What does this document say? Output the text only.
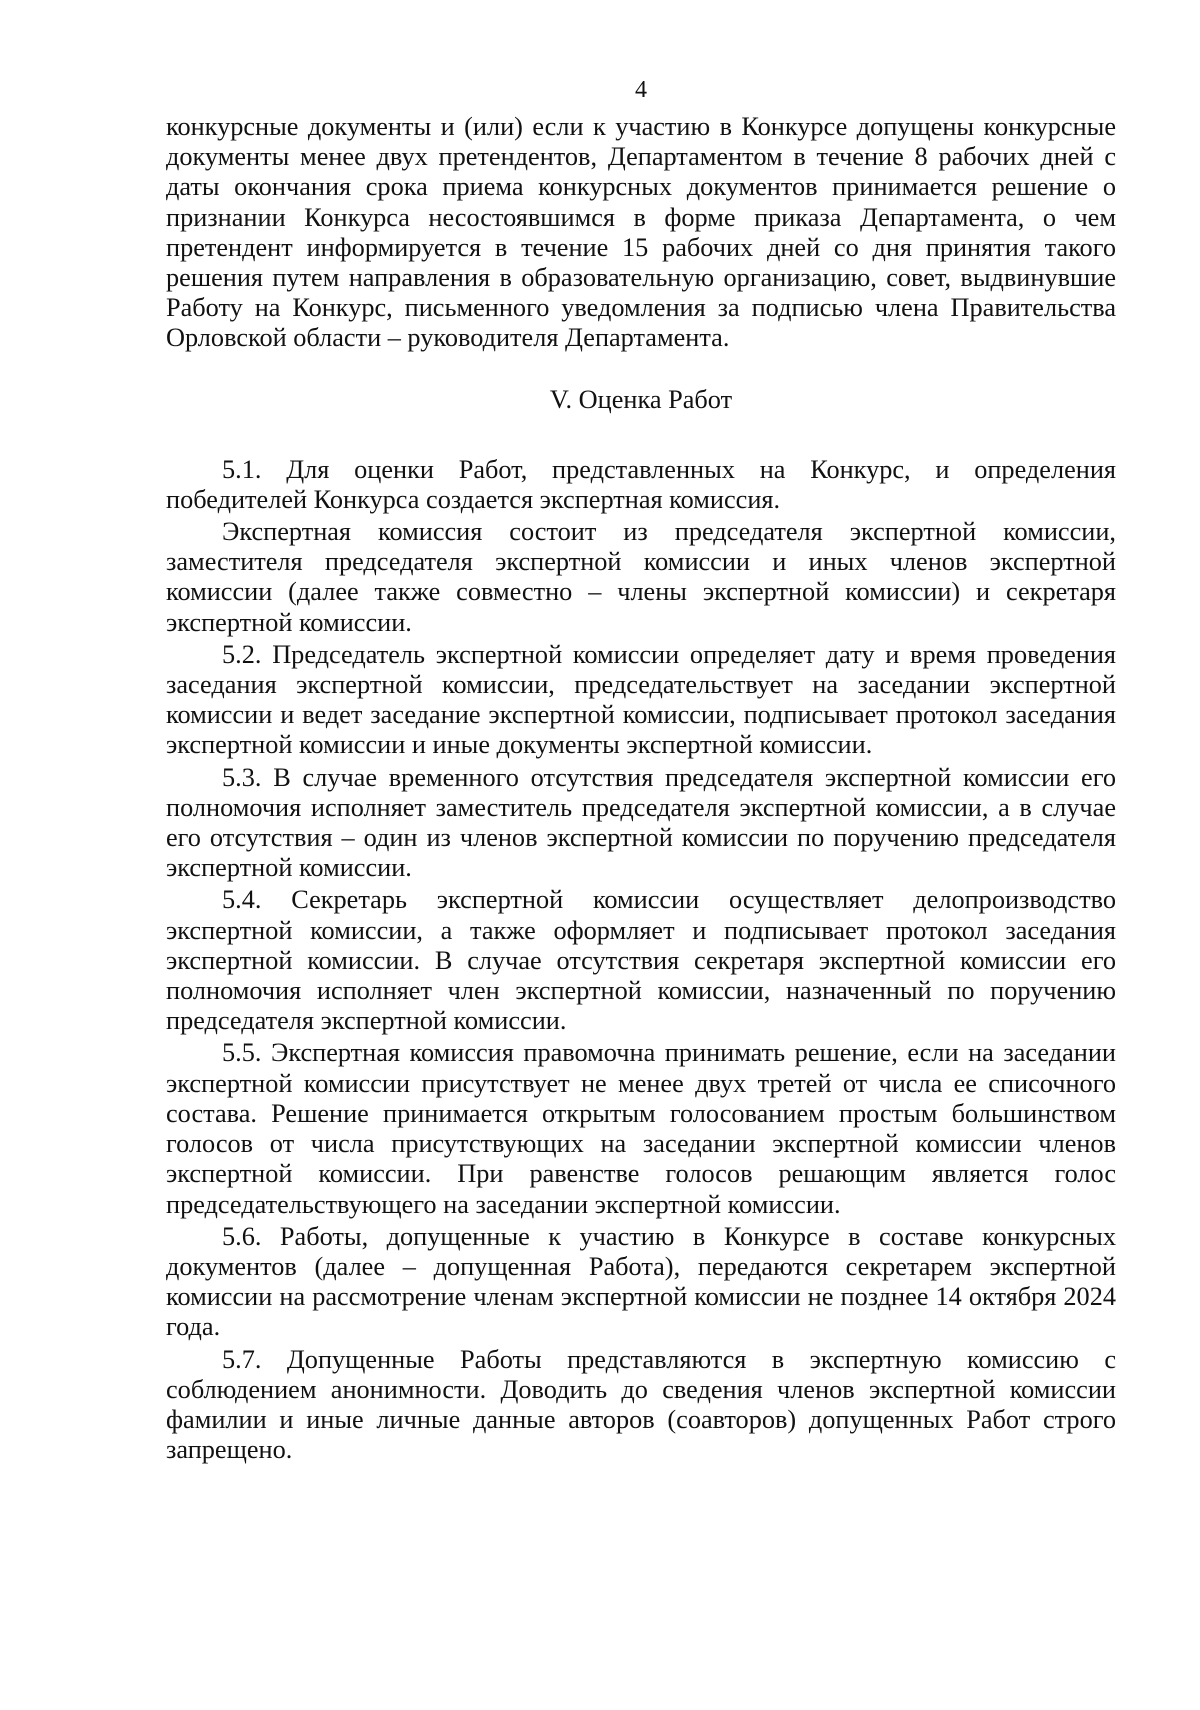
4

конкурсные документы и (или) если к участию в Конкурсе допущены конкурсные документы менее двух претендентов, Департаментом в течение 8 рабочих дней с даты окончания срока приема конкурсных документов принимается решение о признании Конкурса несостоявшимся в форме приказа Департамента, о чем претендент информируется в течение 15 рабочих дней со дня принятия такого решения путем направления в образовательную организацию, совет, выдвинувшие Работу на Конкурс, письменного уведомления за подписью члена Правительства Орловской области – руководителя Департамента.

V. Оценка Работ

5.1. Для оценки Работ, представленных на Конкурс, и определения победителей Конкурса создается экспертная комиссия.

Экспертная комиссия состоит из председателя экспертной комиссии, заместителя председателя экспертной комиссии и иных членов экспертной комиссии (далее также совместно – члены экспертной комиссии) и секретаря экспертной комиссии.

5.2. Председатель экспертной комиссии определяет дату и время проведения заседания экспертной комиссии, председательствует на заседании экспертной комиссии и ведет заседание экспертной комиссии, подписывает протокол заседания экспертной комиссии и иные документы экспертной комиссии.

5.3. В случае временного отсутствия председателя экспертной комиссии его полномочия исполняет заместитель председателя экспертной комиссии, а в случае его отсутствия – один из членов экспертной комиссии по поручению председателя экспертной комиссии.

5.4. Секретарь экспертной комиссии осуществляет делопроизводство экспертной комиссии, а также оформляет и подписывает протокол заседания экспертной комиссии. В случае отсутствия секретаря экспертной комиссии его полномочия исполняет член экспертной комиссии, назначенный по поручению председателя экспертной комиссии.

5.5. Экспертная комиссия правомочна принимать решение, если на заседании экспертной комиссии присутствует не менее двух третей от числа ее списочного состава. Решение принимается открытым голосованием простым большинством голосов от числа присутствующих на заседании экспертной комиссии членов экспертной комиссии. При равенстве голосов решающим является голос председательствующего на заседании экспертной комиссии.

5.6. Работы, допущенные к участию в Конкурсе в составе конкурсных документов (далее – допущенная Работа), передаются секретарем экспертной комиссии на рассмотрение членам экспертной комиссии не позднее 14 октября 2024 года.

5.7. Допущенные Работы представляются в экспертную комиссию с соблюдением анонимности. Доводить до сведения членов экспертной комиссии фамилии и иные личные данные авторов (соавторов) допущенных Работ строго запрещено.
